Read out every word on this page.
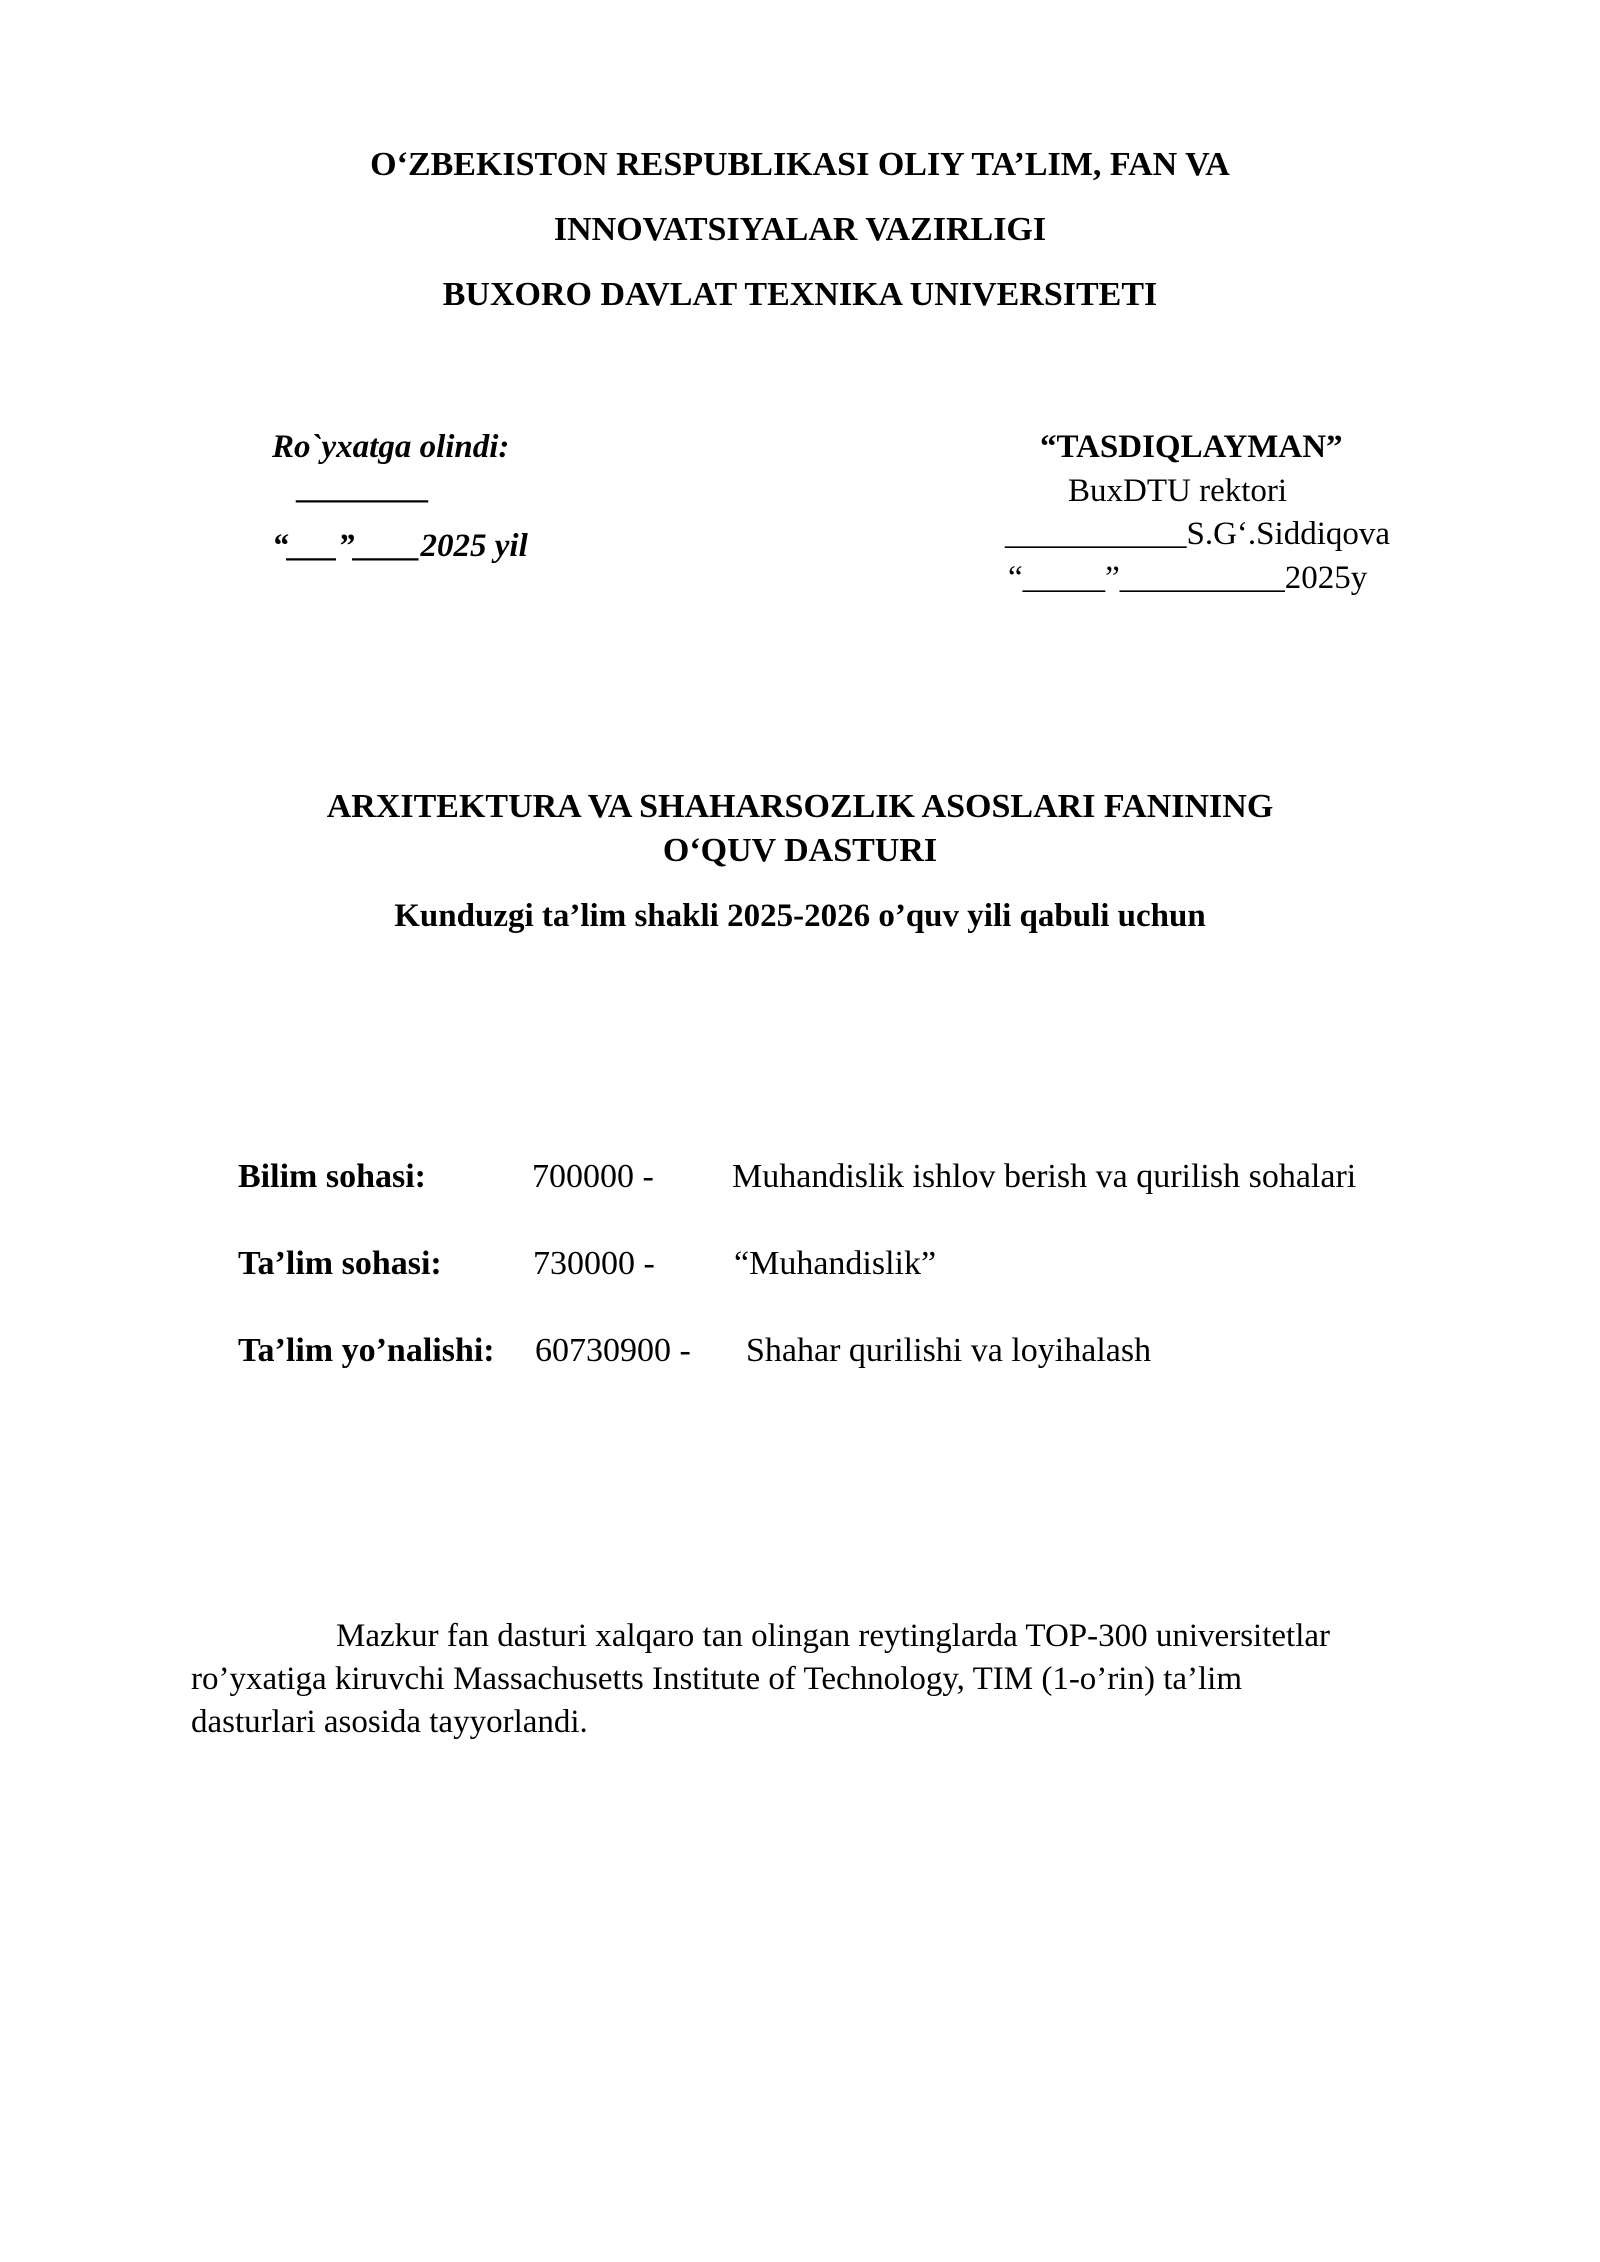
O‘ZBEKISTON RESPUBLIKASI OLIY TA’LIM, FAN VA
INNOVATSIYALAR VAZIRLIGI
BUXORO DAVLAT TEXNIKA UNIVERSITETI
Ro`yxatga olindi:
________
“___”____2025 yil
“TASDIQLAYMAN”
BuxDTU rektori
___________S.G‘.Siddiqova
“_____”__________2025y
ARXITEKTURA VA SHAHARSOZLIK ASOSLARI FANINING
O‘QUV DASTURI
Kunduzgi ta’lim shakli 2025-2026 o’quv yili qabuli uchun
Bilim sohasi:	700000 - Muhandislik ishlov berish va qurilish sohalari
Ta’lim sohasi:	730000 - “Muhandislik”
Ta’lim yo’nalishi: 60730900 - Shahar qurilishi va loyihalash
Mazkur fan dasturi xalqaro tan olingan reytinglarda TOP-300 universitetlar
ro’yxatiga kiruvchi Massachusetts Institute of Technology, TIM (1-o’rin) ta’lim
dasturlari asosida tayyorlandi.
